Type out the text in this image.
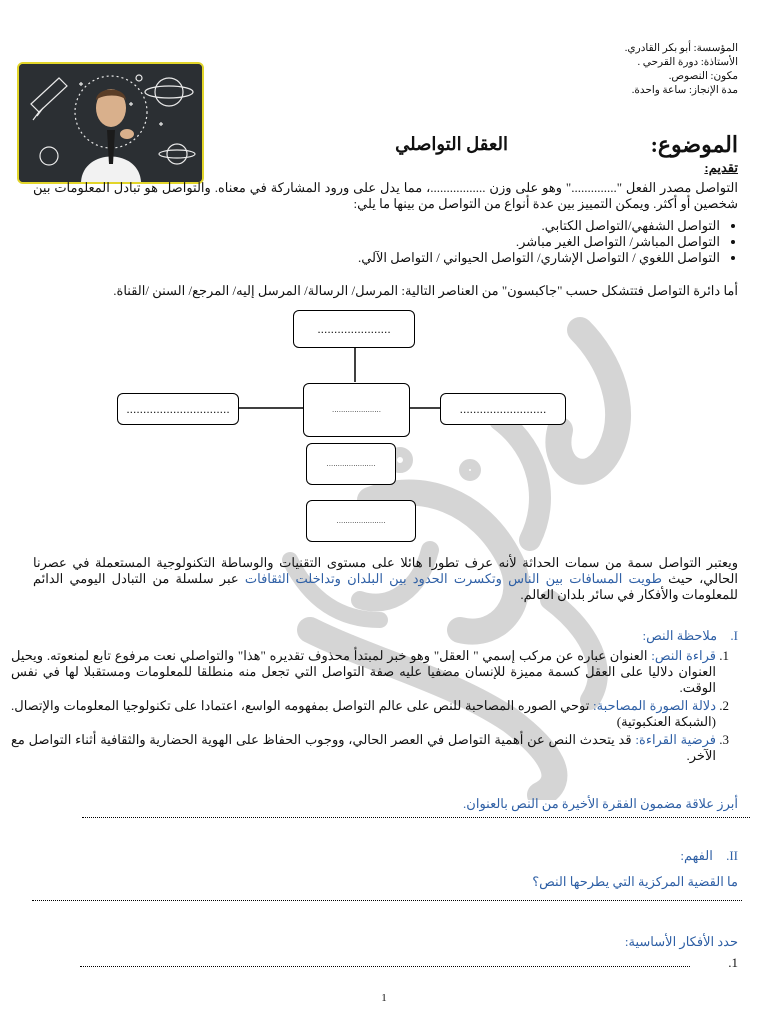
المؤسسة: أبو بكر القادري.
الأستاذة: دورة القرحي .
مكون: النصوص.
مدة الإنجاز: ساعة واحدة.
الموضوع:
العقل التواصلي
تقديم:
التواصل مصدر الفعل ".............." وهو على وزن .................، مما يدل على ورود المشاركة في معناه. والتواصل هو تبادل المعلومات بين شخصين أو أكثر. ويمكن التمييز بين عدة أنواع من التواصل من بينها ما يلي:
• التواصل الشفهي/التواصل الكتابي.
• التواصل المباشر/ التواصل الغير مباشر.
• التواصل اللغوي / التواصل الإشاري/ التواصل الحيواني / التواصل الآلي.
أما دائرة التواصل فتتشكل حسب "جاكبسون" من العناصر التالية: المرسل/ الرسالة/ المرسل إليه/ المرجع/ السنن /القناة.
......................
...............................	......................	..........................
......................
......................
ويعتبر التواصل سمة من سمات الحداثة لأنه عرف تطورا هائلا على مستوى التقنيات والوساطة التكنولوجية المستعملة في عصرنا الحالي، حيث طويت المسافات بين الناس وتكسرت الحدود بين البلدان وتداخلت الثقافات عبر سلسلة من التبادل اليومي الدائم للمعلومات والأفكار في سائر بلدان العالم.
I. ملاحظة النص:
1. قراءة النص: العنوان عباره عن مركب إسمي " العقل" وهو خبر لمبتدأ محذوف تقديره "هذا" والتواصلي نعت مرفوع تابع لمنعوته. ويحيل العنوان دلاليا على العقل كسمة مميزة للإنسان مضفيا عليه صفة التواصل التي تجعل منه منطلقا للمعلومات ومستقبلا لها في نفس الوقت.
2. دلالة الصورة المصاحبة: توحي الصوره المصاحبة للنص على عالم التواصل بمفهومه الواسع، اعتمادا على تكنولوجيا المعلومات والإتصال.(الشبكة العنكبوتية)
3. فرضية القراءة: قد يتحدث النص عن أهمية التواصل في العصر الحالي، ووجوب الحفاظ على الهوية الحضارية والثقافية أثناء التواصل مع الآخر.
أبرز علاقة مضمون الفقرة الأخيرة من النص بالعنوان.
II. الفهم:
ما القضية المركزية التي يطرحها النص؟
حدد الأفكار الأساسية:
1.
1
